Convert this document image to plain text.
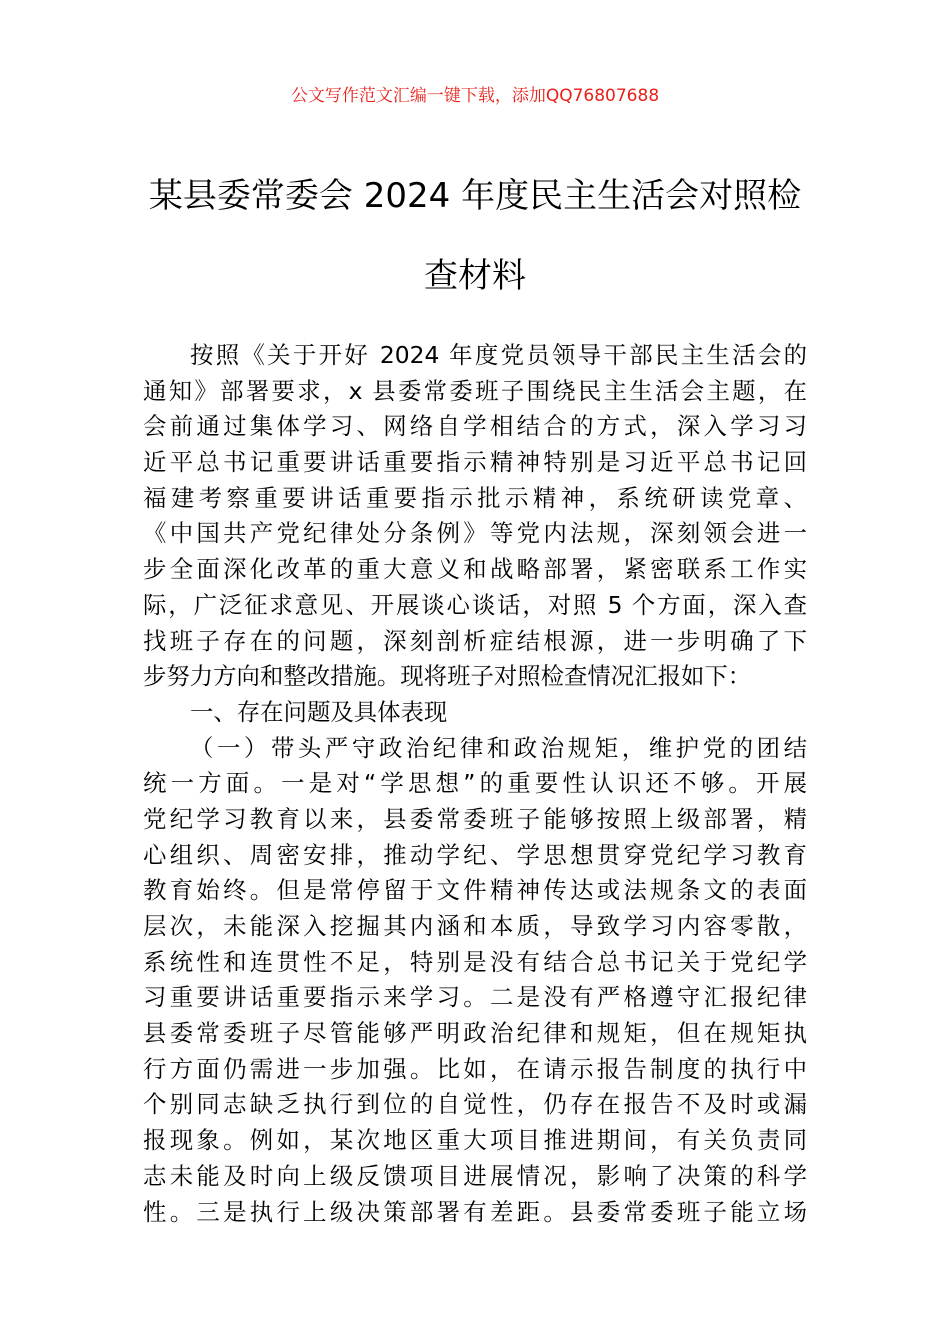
公文写作范文汇编一键下载，添加QQ76807688
某县委常委会 2024 年度民主生活会对照检
查材料
按照《关于开好 2024 年度党员领导干部民主生活会的
通知》部署要求，x 县委常委班子围绕民主生活会主题，在
会前通过集体学习、网络自学相结合的方式，深入学习习
近平总书记重要讲话重要指示精神特别是习近平总书记回
福建考察重要讲话重要指示批示精神，系统研读党章、
《中国共产党纪律处分条例》等党内法规，深刻领会进一
步全面深化改革的重大意义和战略部署，紧密联系工作实
际，广泛征求意见、开展谈心谈话，对照 5 个方面，深入查
找班子存在的问题，深刻剖析症结根源，进一步明确了下
步努力方向和整改措施。现将班子对照检查情况汇报如下：
一、存在问题及具体表现
（一）带头严守政治纪律和政治规矩，维护党的团结
统一方面。一是对“学思想”的重要性认识还不够。开展
党纪学习教育以来，县委常委班子能够按照上级部署，精
心组织、周密安排，推动学纪、学思想贯穿党纪学习教育
教育始终。但是常停留于文件精神传达或法规条文的表面
层次，未能深入挖掘其内涵和本质，导致学习内容零散，
系统性和连贯性不足，特别是没有结合总书记关于党纪学
习重要讲话重要指示来学习。二是没有严格遵守汇报纪律
县委常委班子尽管能够严明政治纪律和规矩，但在规矩执
行方面仍需进一步加强。比如，在请示报告制度的执行中
个别同志缺乏执行到位的自觉性，仍存在报告不及时或漏
报现象。例如，某次地区重大项目推进期间，有关负责同
志未能及时向上级反馈项目进展情况，影响了决策的科学
性。三是执行上级决策部署有差距。县委常委班子能立场
